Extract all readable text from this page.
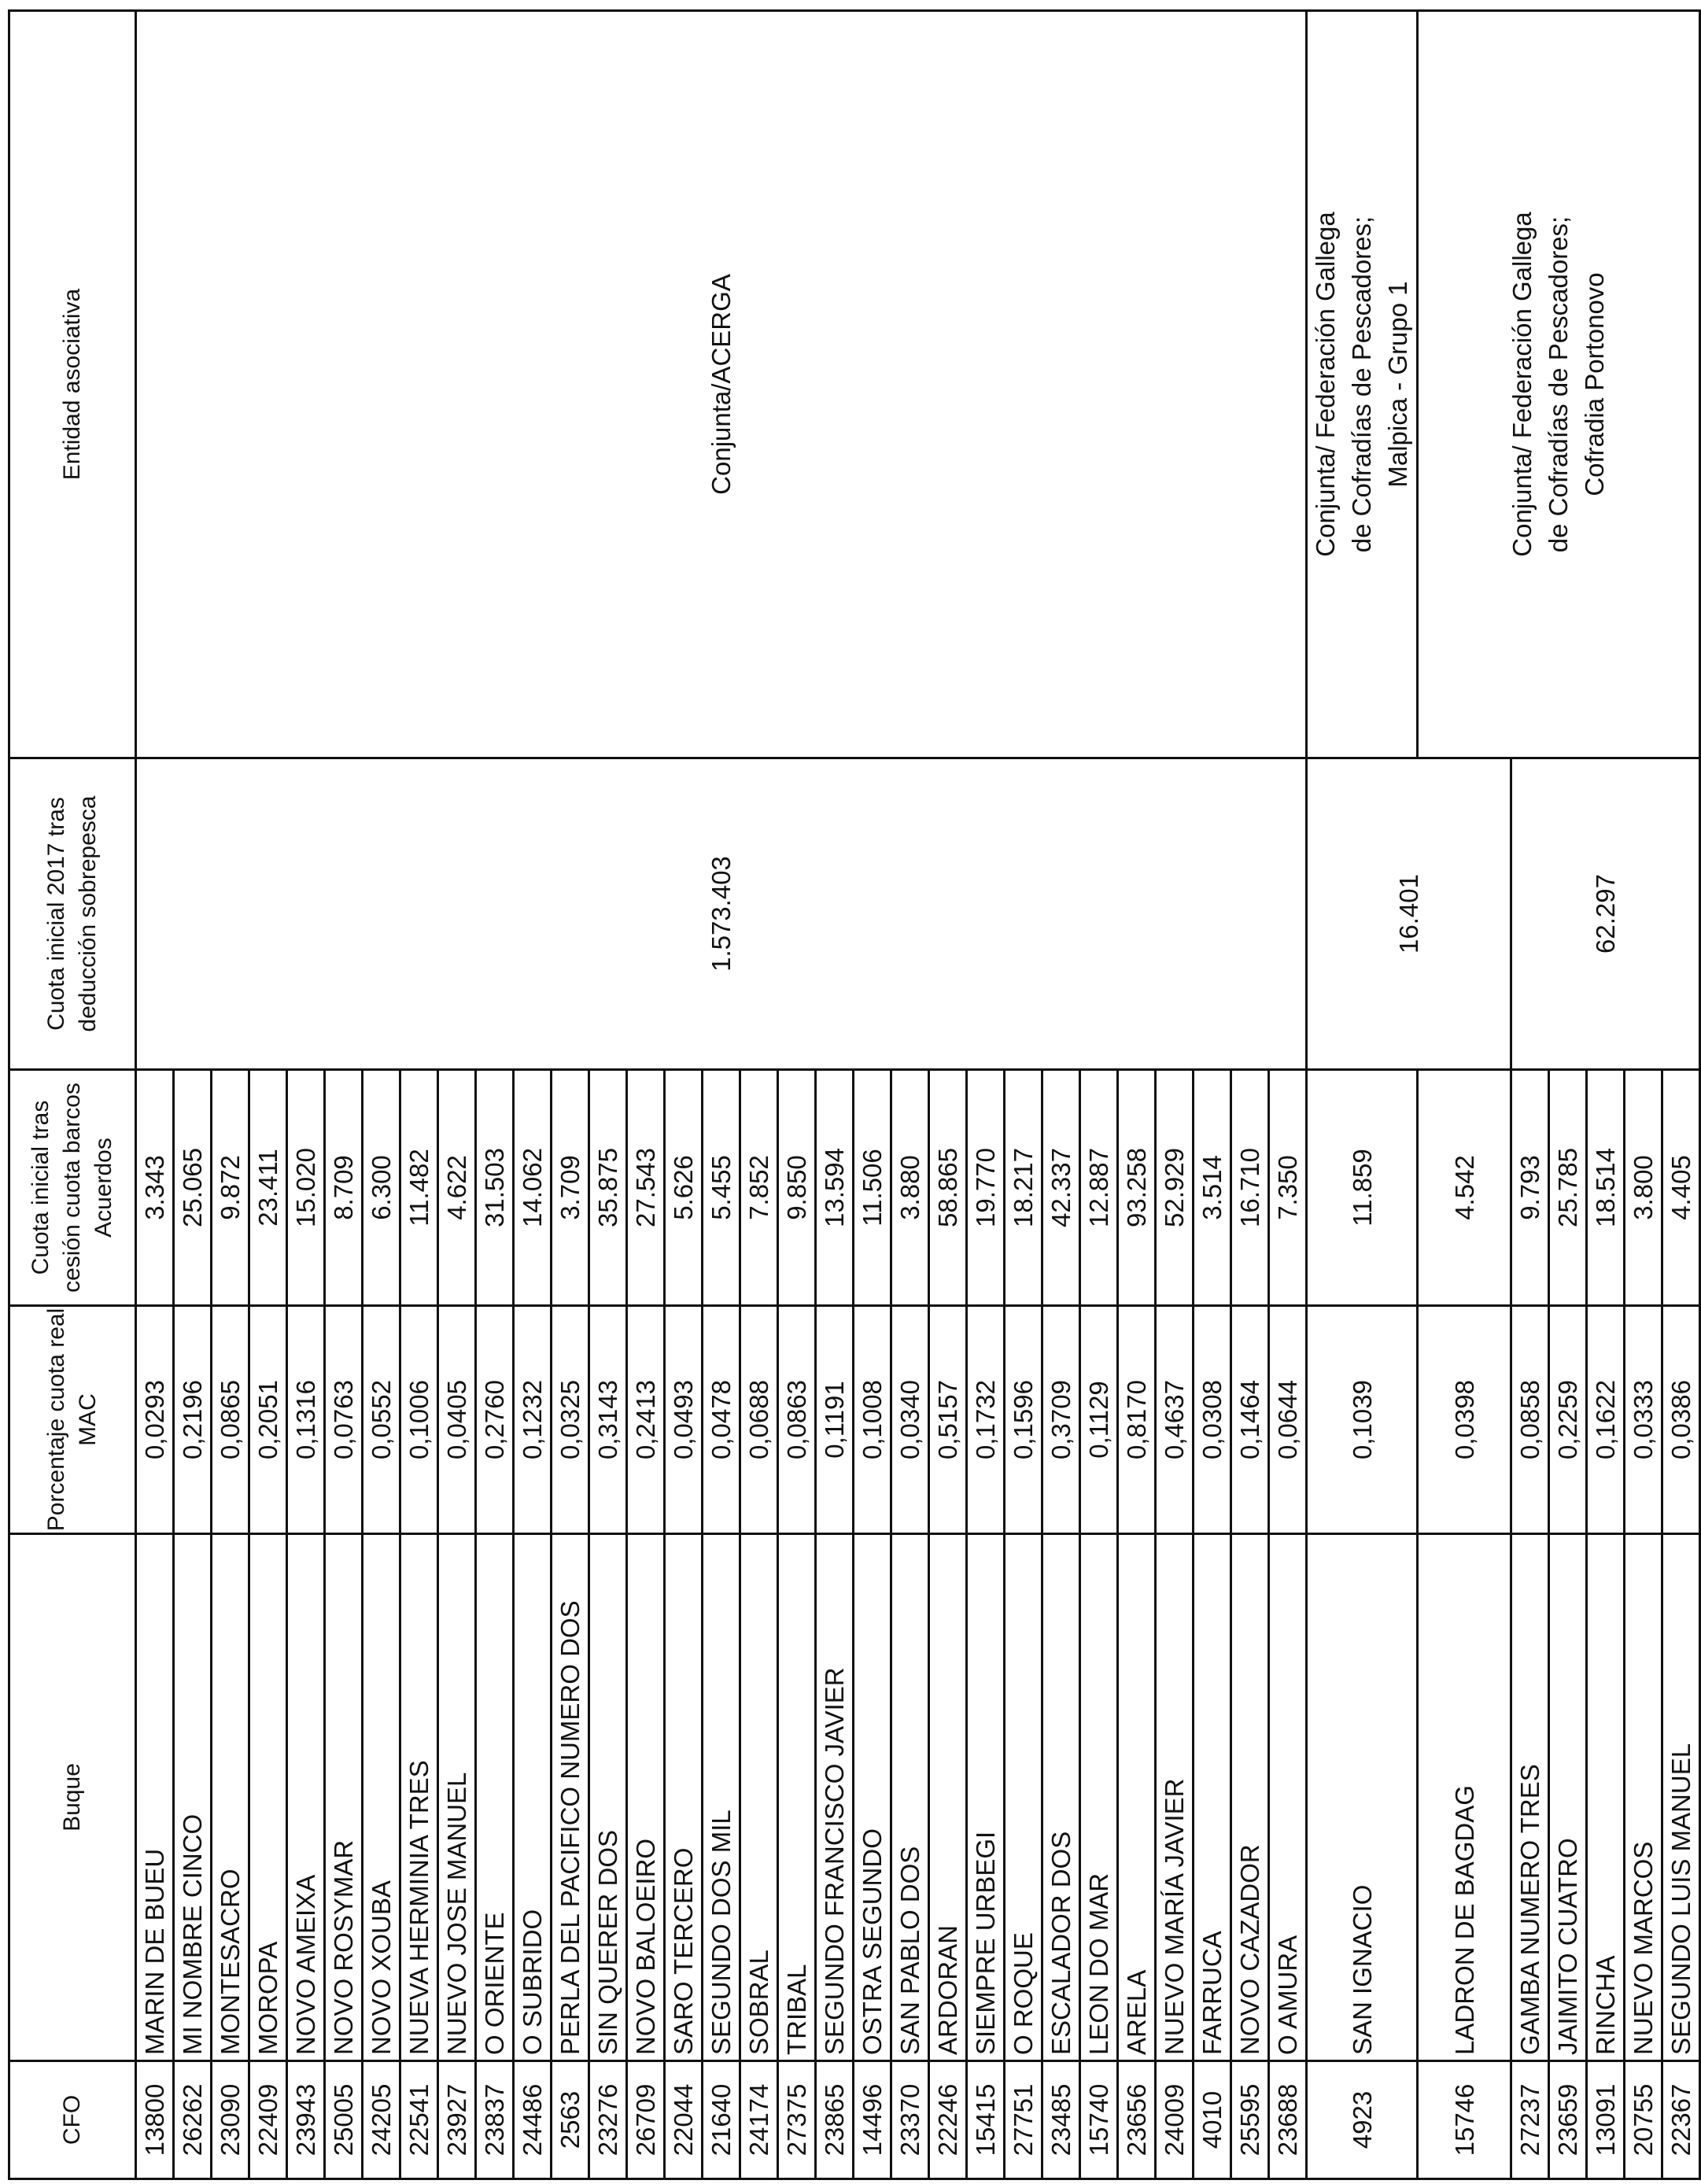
CFO	Buque	Porcentaje cuota real MAC	Cuota inicial tras cesión cuota barcos Acuerdos	Cuota inicial 2017 tras deducción sobrepesca	Entidad asociativa
13800	MARIN DE BUEU	0,0293	3.343	1.573.403	Conjunta/ACERGA
26262	MI NOMBRE CINCO	0,2196	25.065		
23090	MONTESACRO	0,0865	9.872		
22409	MOROPA	0,2051	23.411		
23943	NOVO AMEIXA	0,1316	15.020		
25005	NOVO ROSYMAR	0,0763	8.709		
24205	NOVO XOUBA	0,0552	6.300		
22541	NUEVA HERMINIA TRES	0,1006	11.482		
23927	NUEVO JOSE MANUEL	0,0405	4.622		
23837	O ORIENTE	0,2760	31.503		
24486	O SUBRIDO	0,1232	14.062		
2563	PERLA DEL PACIFICO NUMERO DOS	0,0325	3.709		
23276	SIN QUERER DOS	0,3143	35.875		
26709	NOVO BALOEIRO	0,2413	27.543		
22044	SARO TERCERO	0,0493	5.626		
21640	SEGUNDO DOS MIL	0,0478	5.455		
24174	SOBRAL	0,0688	7.852		
27375	TRIBAL	0,0863	9.850		
23865	SEGUNDO FRANCISCO JAVIER	0,1191	13.594		
14496	OSTRA SEGUNDO	0,1008	11.506		
23370	SAN PABLO DOS	0,0340	3.880		
22246	ARDORAN	0,5157	58.865		
15415	SIEMPRE URBEGI	0,1732	19.770		
27751	O ROQUE	0,1596	18.217		
23485	ESCALADOR DOS	0,3709	42.337		
15740	LEON DO MAR	0,1129	12.887		
23656	ARELA	0,8170	93.258		
24009	NUEVO MARÍA JAVIER	0,4637	52.929		
4010	FARRUCA	0,0308	3.514		
25595	NOVO CAZADOR	0,1464	16.710		
23688	O AMURA	0,0644	7.350		
4923	SAN IGNACIO	0,1039	11.859	16.401	Conjunta/ Federación Gallega de Cofradías de Pescadores; Malpica - Grupo 1

15746	LADRON DE BAGDAG	0,0398	4.542		Conjunta/ Federación Gallega de Cofradías de Pescadores; Cofradia Portonovo

27237	GAMBA NUMERO TRES	0,0858	9.793	62.297	
23659	JAIMITO CUATRO	0,2259	25.785		
13091	RINCHA	0,1622	18.514		
20755	NUEVO MARCOS	0,0333	3.800		
22367	SEGUNDO LUIS MANUEL	0,0386	4.405		
